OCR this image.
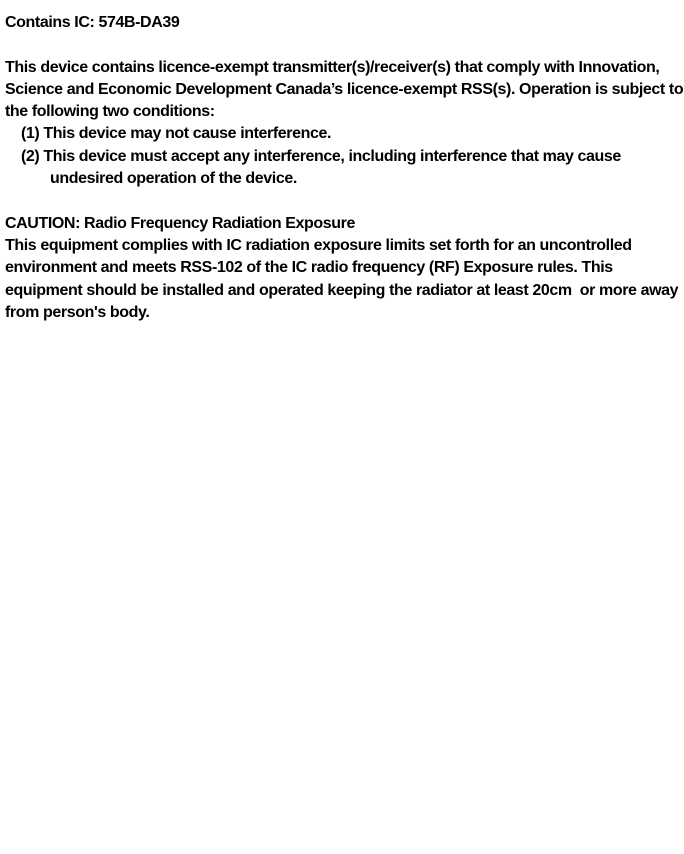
Contains IC: 574B-DA39
This device contains licence-exempt transmitter(s)/receiver(s) that comply with Innovation,
Science and Economic Development Canada’s licence-exempt RSS(s). Operation is subject to
the following two conditions:
(1) This device may not cause interference.
(2) This device must accept any interference, including interference that may cause
undesired operation of the device.
CAUTION: Radio Frequency Radiation Exposure
This equipment complies with IC radiation exposure limits set forth for an uncontrolled
environment and meets RSS-102 of the IC radio frequency (RF) Exposure rules. This
equipment should be installed and operated keeping the radiator at least 20cm  or more away
from person's body.
